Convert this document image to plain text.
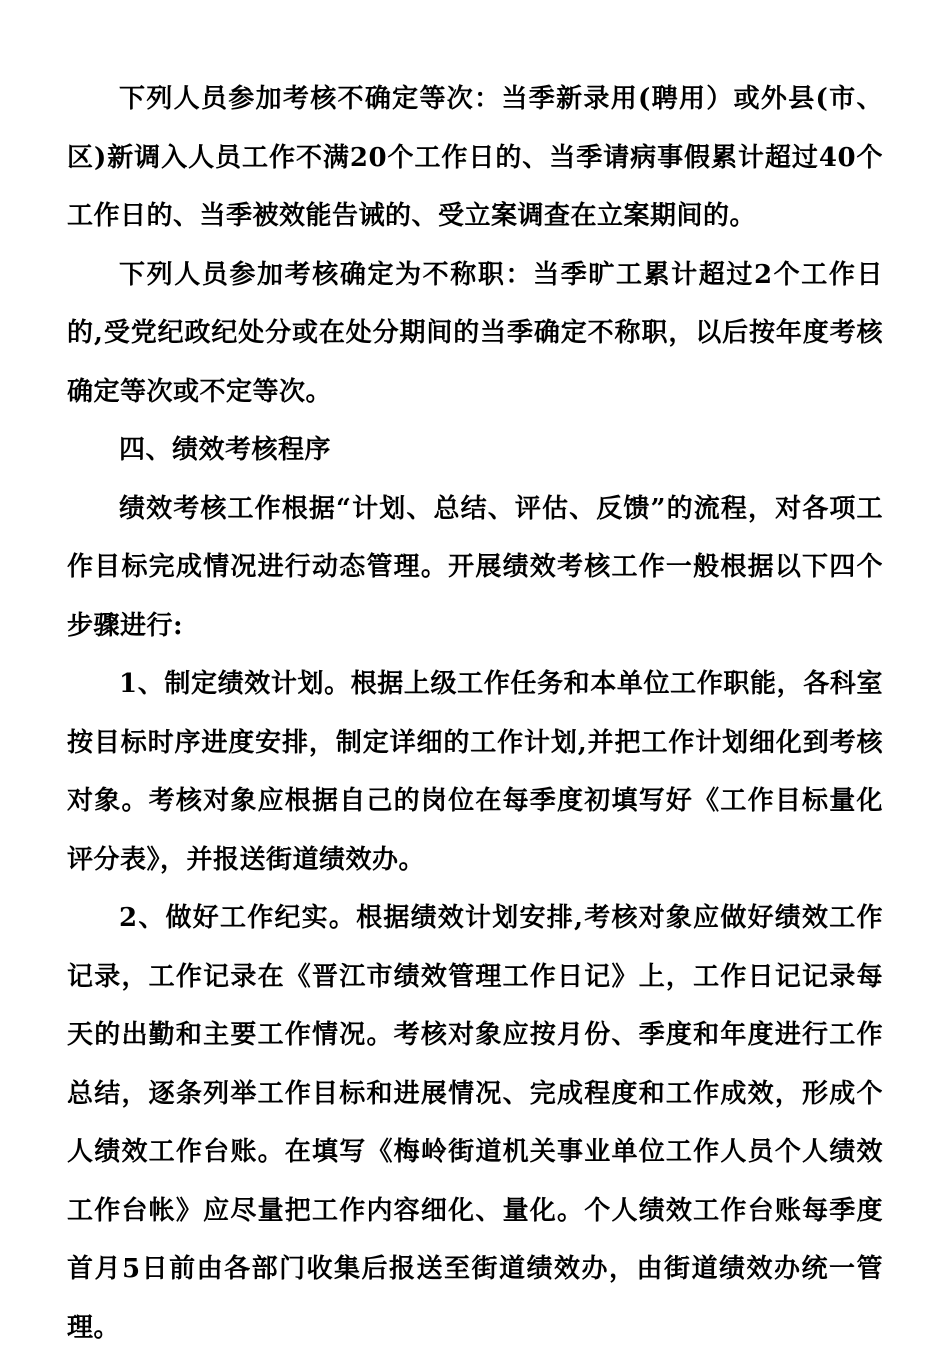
下列人员参加考核不确定等次：当季新录用(聘用）或外县(市、区)新调入人员工作不满20个工作日的、当季请病事假累计超过40个工作日的、当季被效能告诫的、受立案调查在立案期间的。

下列人员参加考核确定为不称职：当季旷工累计超过2个工作日的,受党纪政纪处分或在处分期间的当季确定不称职，以后按年度考核确定等次或不定等次。

四、绩效考核程序

绩效考核工作根据“计划、总结、评估、反馈”的流程，对各项工作目标完成情况进行动态管理。开展绩效考核工作一般根据以下四个步骤进行:

1、制定绩效计划。根据上级工作任务和本单位工作职能，各科室按目标时序进度安排，制定详细的工作计划,并把工作计划细化到考核对象。考核对象应根据自己的岗位在每季度初填写好《工作目标量化评分表》，并报送街道绩效办。

2、做好工作纪实。根据绩效计划安排,考核对象应做好绩效工作记录，工作记录在《晋江市绩效管理工作日记》上，工作日记记录每天的出勤和主要工作情况。考核对象应按月份、季度和年度进行工作总结，逐条列举工作目标和进展情况、完成程度和工作成效，形成个人绩效工作台账。在填写《梅岭街道机关事业单位工作人员个人绩效工作台帐》应尽量把工作内容细化、量化。个人绩效工作台账每季度首月5日前由各部门收集后报送至街道绩效办，由街道绩效办统一管理。
